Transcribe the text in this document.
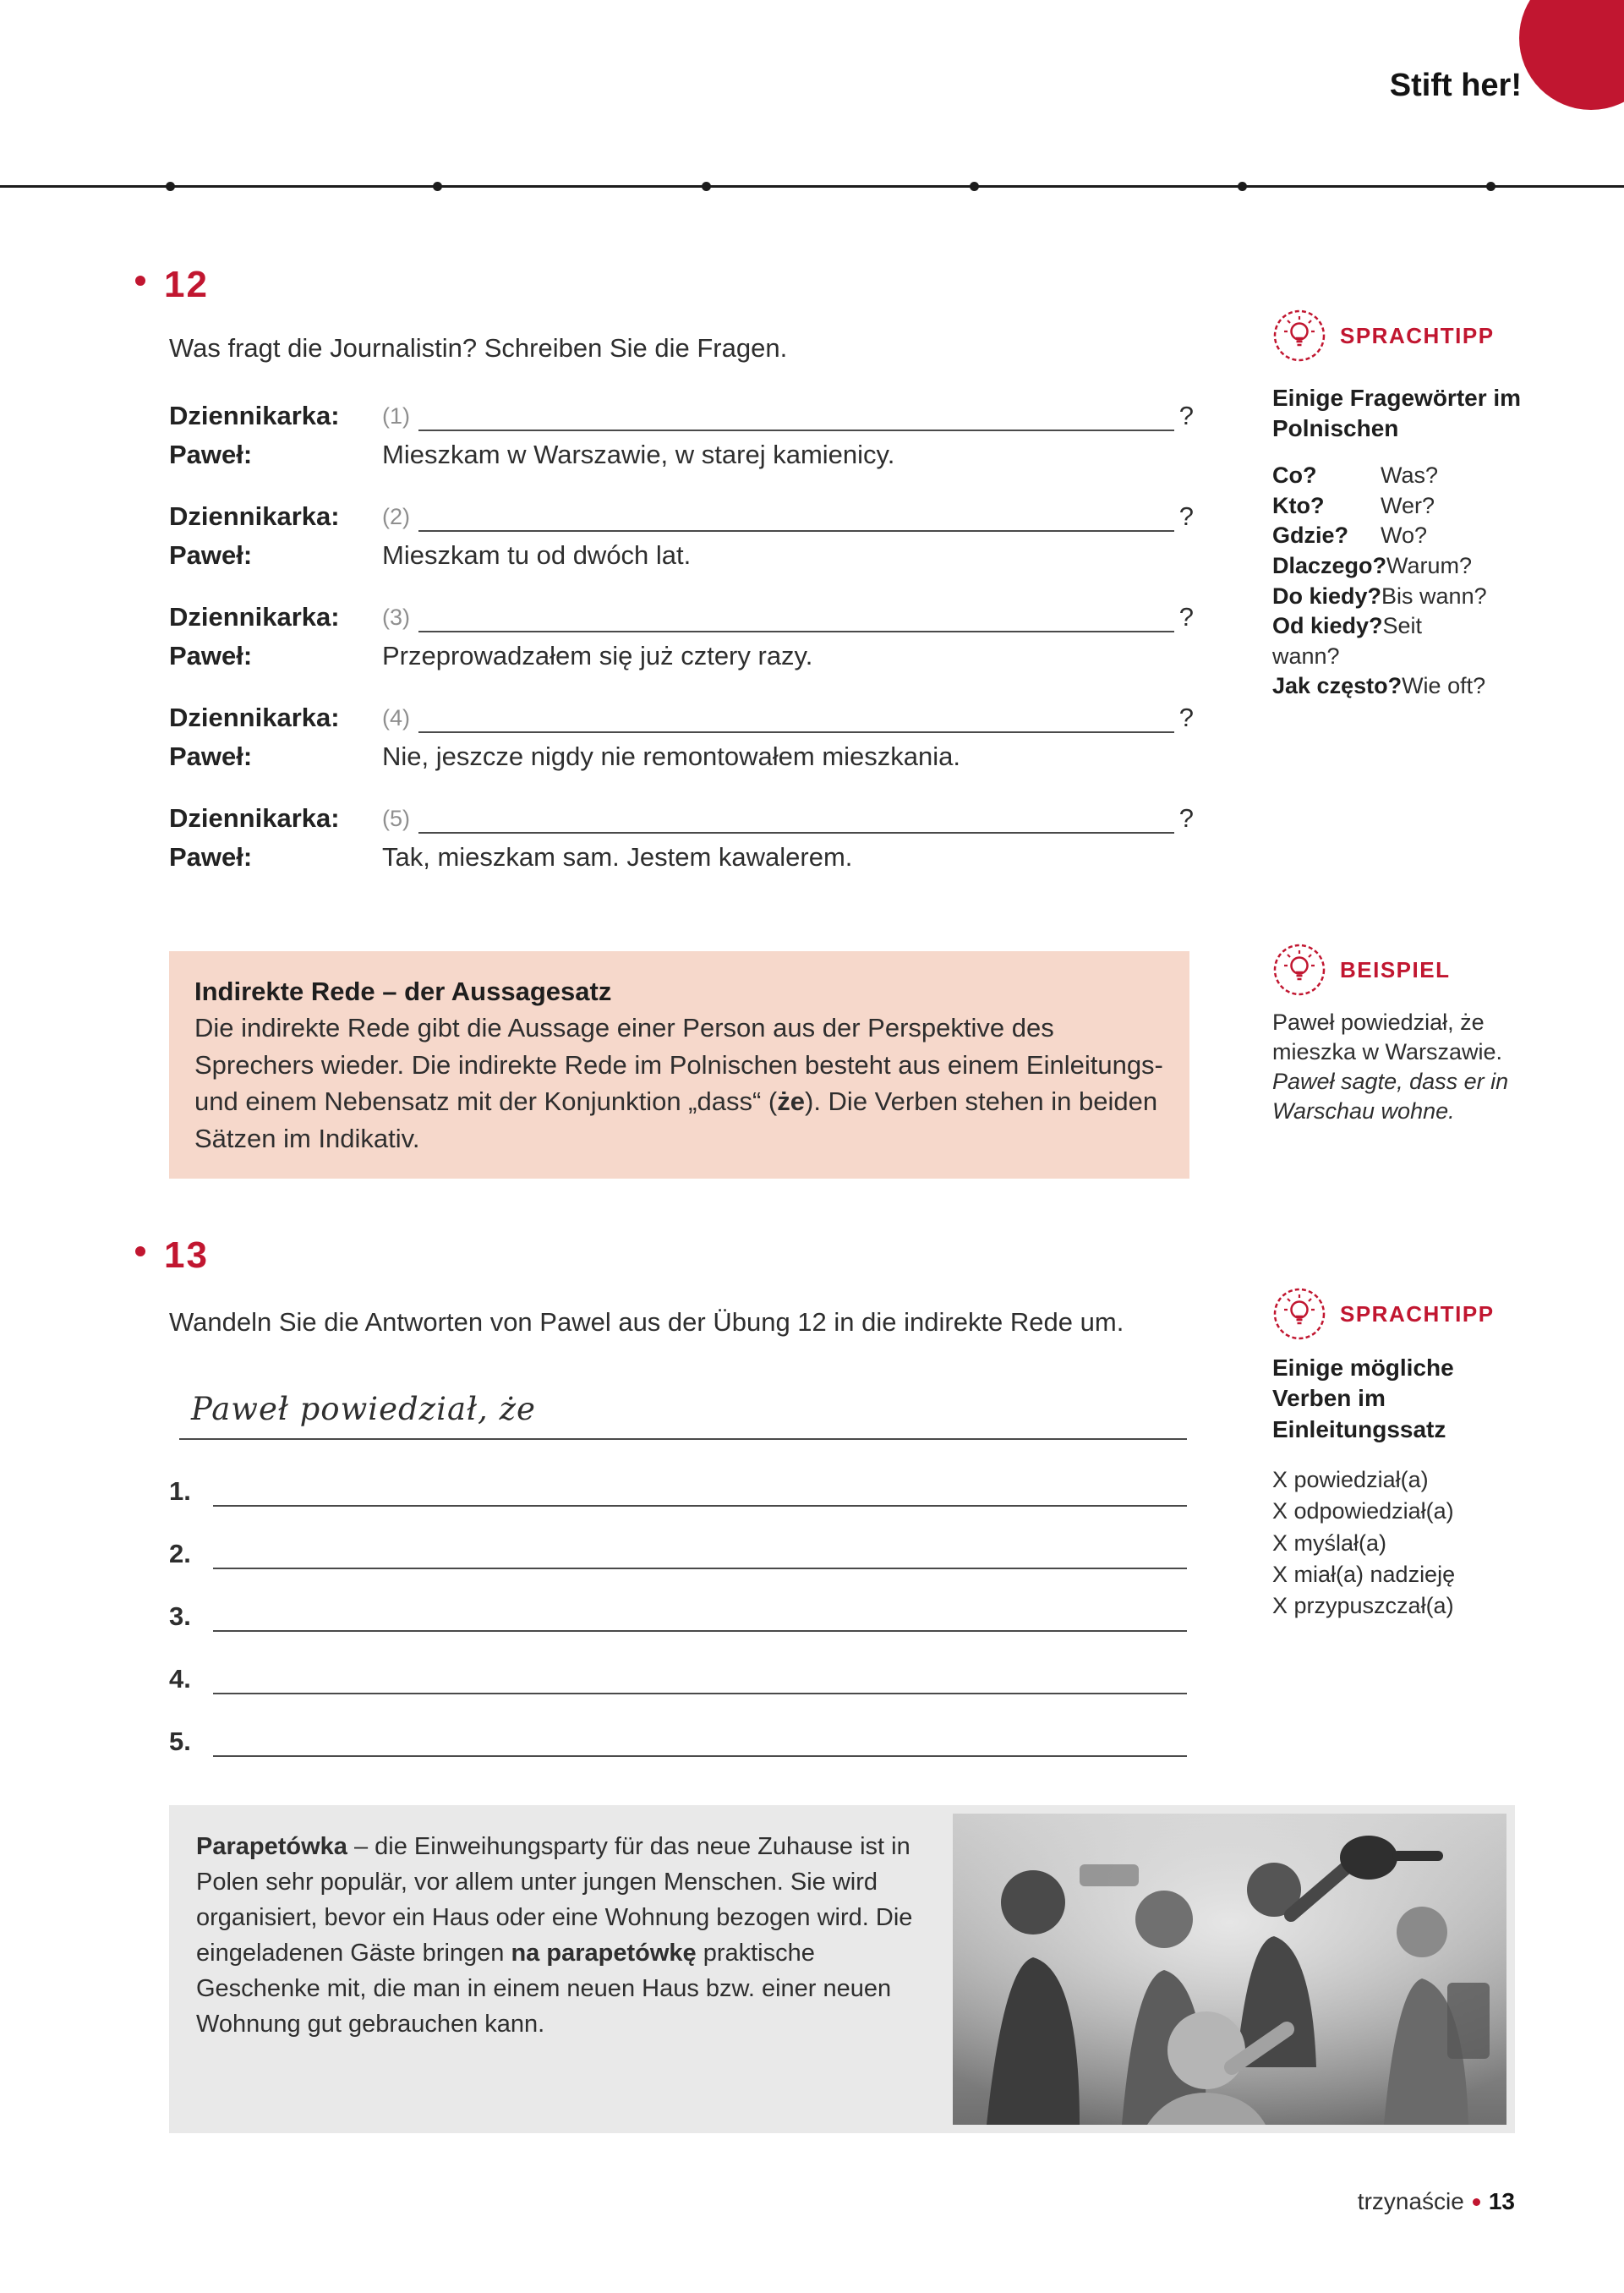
Stift her!
12
Was fragt die Journalistin? Schreiben Sie die Fragen.
Dziennikarka:	(1)	?
Paweł:	Mieszkam w Warszawie, w starej kamienicy.
Dziennikarka:	(2)	?
Paweł:	Mieszkam tu od dwóch lat.
Dziennikarka:	(3)	?
Paweł:	Przeprowadzałem się już cztery razy.
Dziennikarka:	(4)	?
Paweł:	Nie, jeszcze nigdy nie remontowałem mieszkania.
Dziennikarka:	(5)	?
Paweł:	Tak, mieszkam sam. Jestem kawalerem.
Indirekte Rede – der Aussagesatz
Die indirekte Rede gibt die Aussage einer Person aus der Perspektive des Sprechers wieder. Die indirekte Rede im Polnischen besteht aus einem Einleitungs- und einem Nebensatz mit der Konjunktion „dass“ (że). Die Verben stehen in beiden Sätzen im Indikativ.
SPRACHTIPP
Einige Fragewörter im Polnischen
Co?	Was?
Kto? Wer?
Gdzie? Wo?
Dlaczego?Warum?
Do kiedy?Bis wann?
Od kiedy?Seit wann?
Jak często?Wie oft?
BEISPIEL
Paweł powiedział, że mieszka w Warszawie. Paweł sagte, dass er in Warschau wohne.
13
Wandeln Sie die Antworten von Pawel aus der Übung 12 in die indirekte Rede um.
Paweł powiedział, że
1.
2.
3.
4.
5.
SPRACHTIPP
Einige mögliche Verben im Einleitungssatz
X powiedział(a)
X odpowiedział(a)
X myślał(a)
X miał(a) nadzieję
X przypuszczał(a)
Parapetówka – die Einweihungsparty für das neue Zuhause ist in Polen sehr populär, vor allem unter jungen Menschen. Sie wird organisiert, bevor ein Haus oder eine Wohnung bezogen wird. Die eingeladenen Gäste bringen na parapetówkę praktische Geschenke mit, die man in einem neuen Haus bzw. einer neuen Wohnung gut gebrauchen kann.
trzynaście 13
